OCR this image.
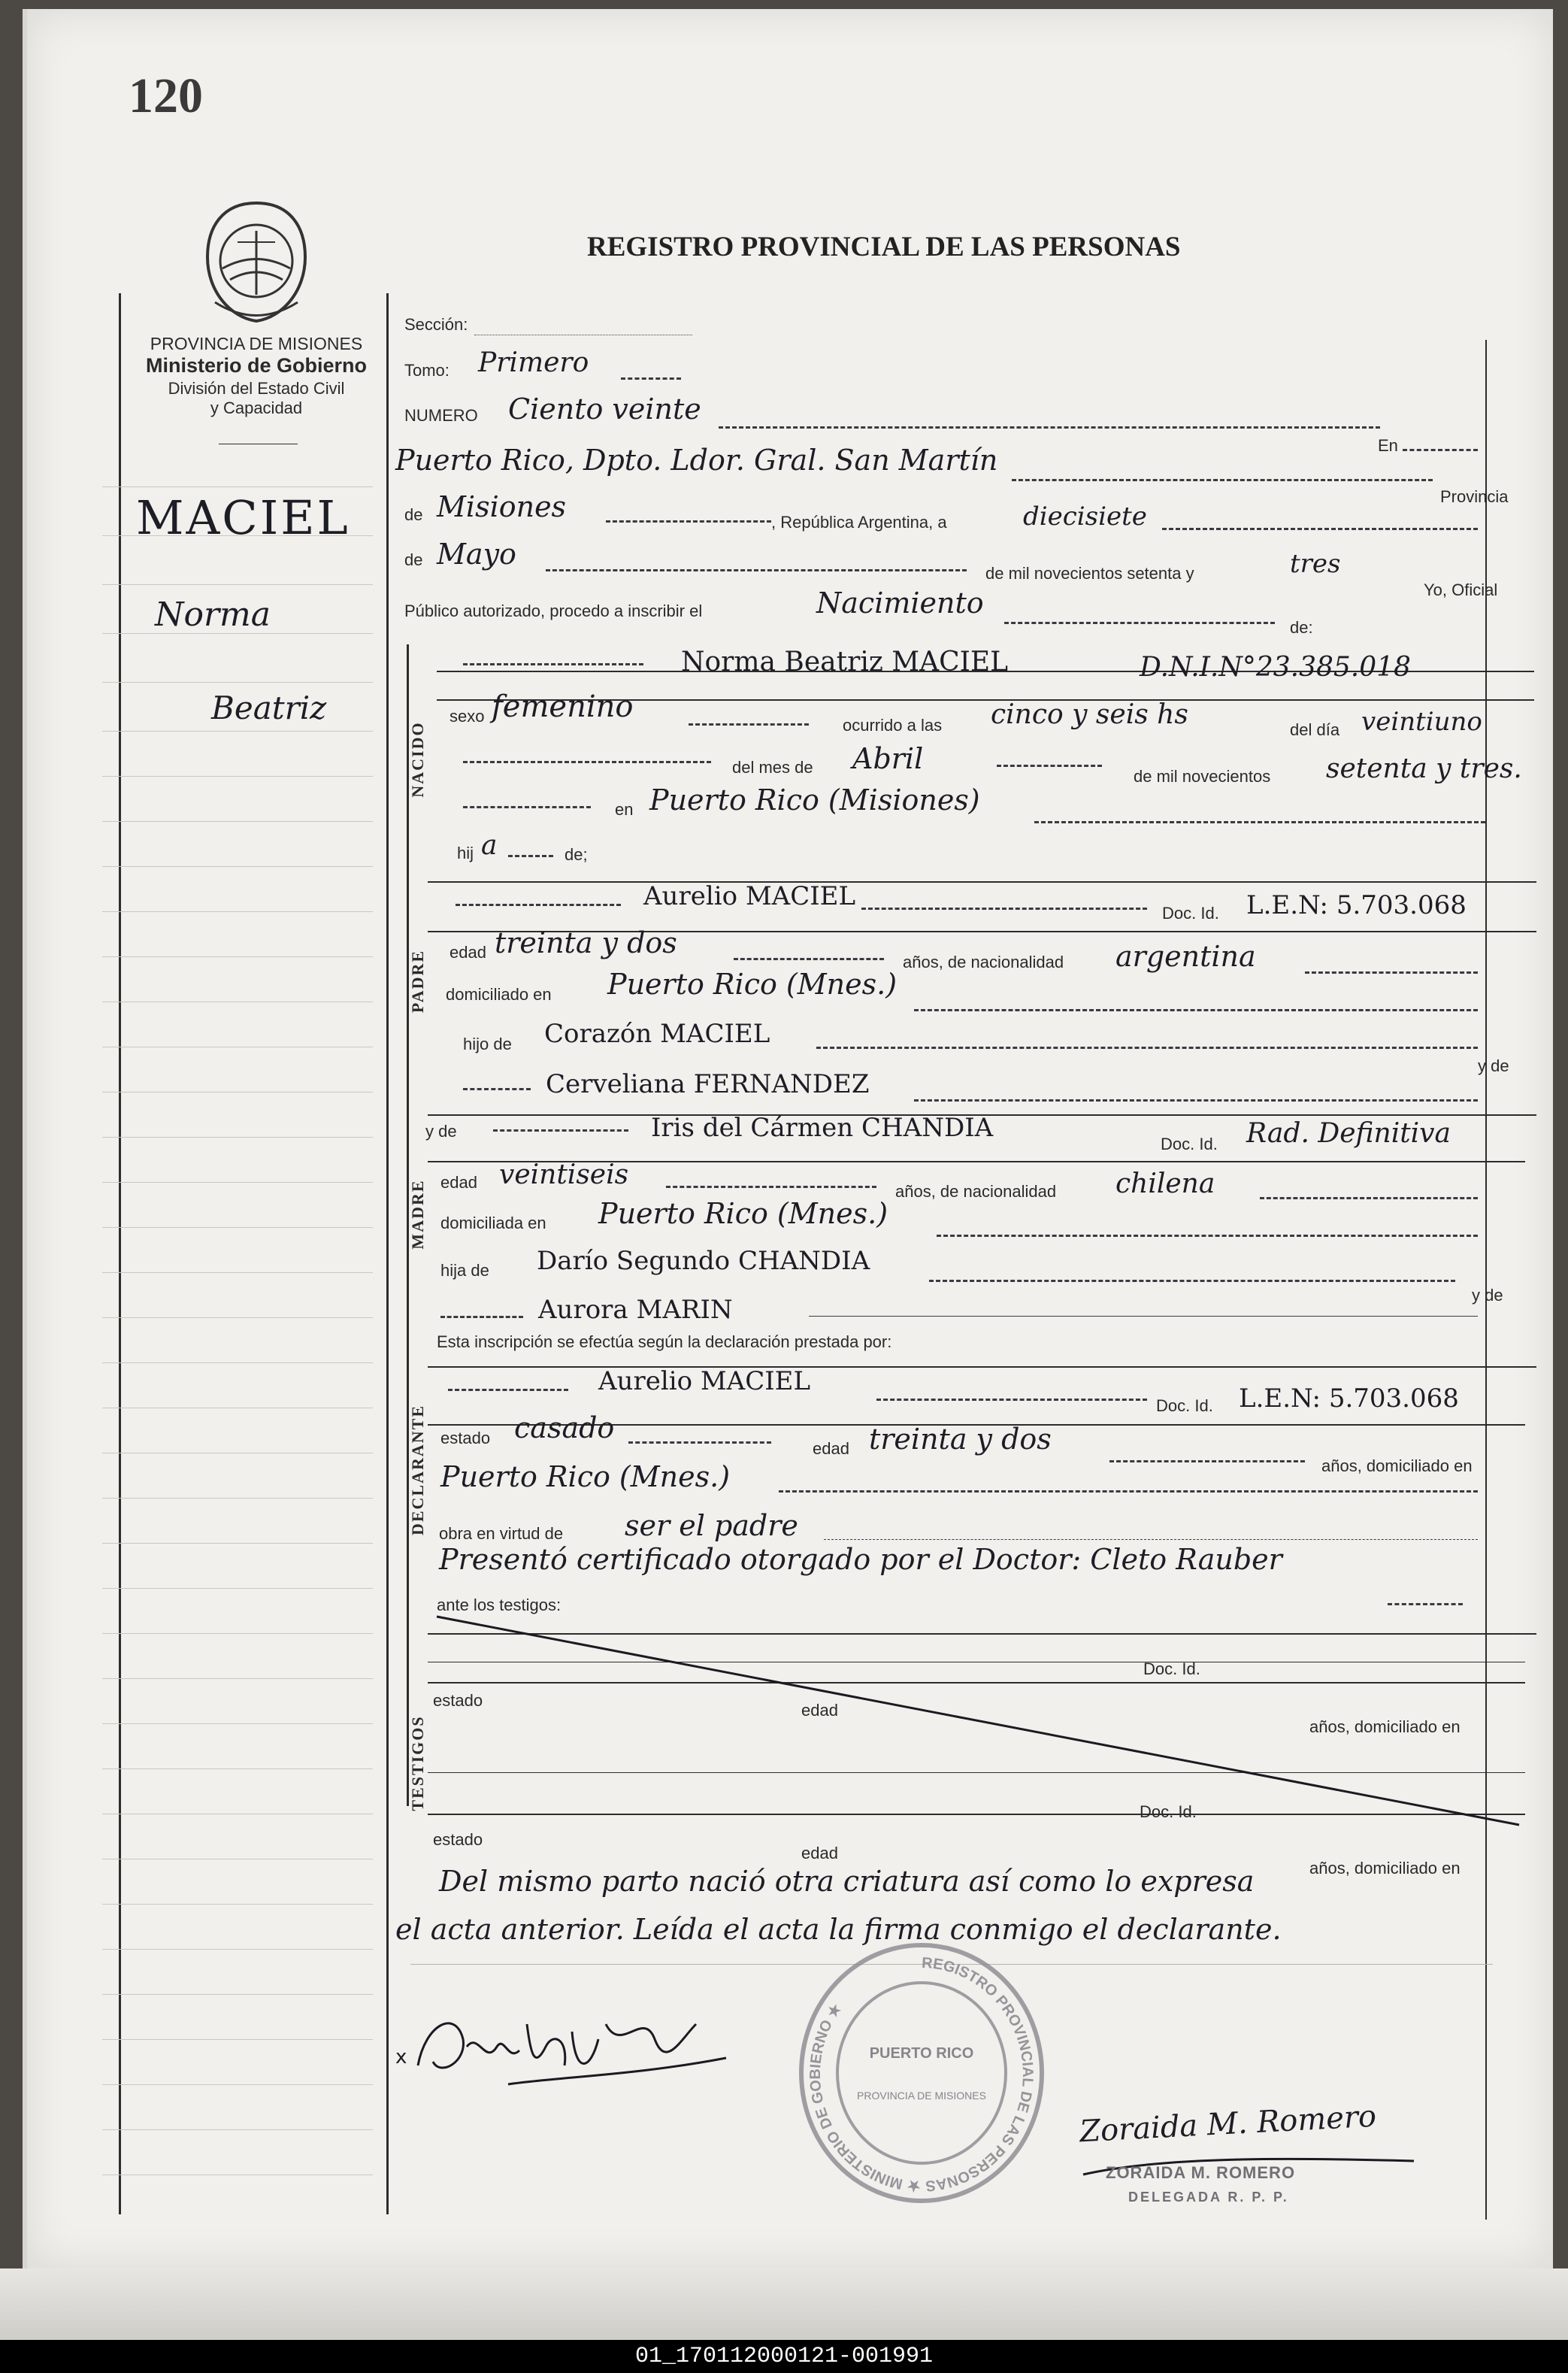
120
PROVINCIA DE MISIONES
Ministerio de Gobierno
División del Estado Civil
y Capacidad
REGISTRO PROVINCIAL DE LAS PERSONAS
MACIEL
Norma
Beatriz
NACIDO
PADRE
MADRE
DECLARANTE
TESTIGOS
Sección:
Tomo: Primero
NUMERO Ciento veinte
En
Puerto Rico, Dpto. Ldor. Gral. San Martín
Provincia
de Misiones	, República Argentina, a	diecisiete
de Mayo
de mil novecientos setenta y	tres
Yo, Oficial
Público autorizado, procedo a inscribir el	Nacimiento
de:
Norma Beatriz MACIEL	D.N.I.N°23.385.018
sexo femenino
ocurrido a las cinco y seis hs	del día veintiuno
del mes de Abril
de mil novecientos setenta y tres.
en Puerto Rico (Misiones)
hij a	de;
Aurelio MACIEL
Doc. Id. L.E.N: 5.703.068
edad treinta y dos
años, de nacionalidad argentina
domiciliado en Puerto Rico (Mnes.)
hijo de Corazón MACIEL
y de
Cerveliana FERNANDEZ
y de	Iris del Cármen CHANDIA
Doc. Id. Rad. Definitiva
edad veintiseis
años, de nacionalidad chilena
domiciliada en Puerto Rico (Mnes.)
hija de Darío Segundo CHANDIA
y de
Aurora MARIN
Esta inscripción se efectúa según la declaración prestada por:
Aurelio MACIEL
Doc. Id. L.E.N: 5.703.068
estado casado
edad treinta y dos
años, domiciliado en
Puerto Rico (Mnes.)
obra en virtud de ser el padre
Presentó certificado otorgado por el Doctor: Cleto Rauber
ante los testigos:
Doc. Id.
estado
edad
años, domiciliado en
Doc. Id.
estado
edad
años, domiciliado en
Del mismo parto nació otra criatura así como lo expresa
el acta anterior. Leída el acta la firma conmigo el declarante.
x
Aurelio Maciel
REGISTRO PROVINCIAL DE LAS PERSONAS ★ MINISTERIO DE GOBIERNO ★
PUERTO RICO
PROVINCIA DE MISIONES
Zoraida M. Romero
ZORAIDA M. ROMERO
DELEGADA R. P. P.
01_170112000121-001991
